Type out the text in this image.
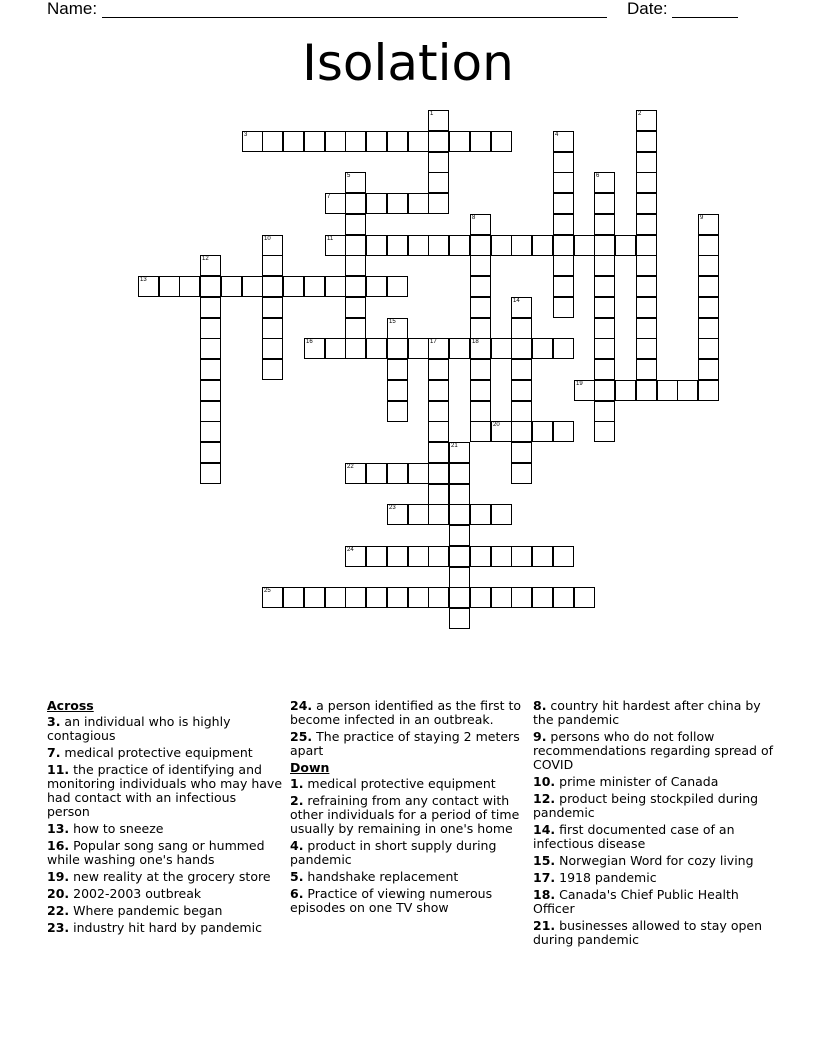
Name:	Date:
Isolation
1	2
3	4
5	6
7
8	9
10	11
12
13
14
15
16	17	18
19
20
21
22
23
24
25
Across
3. an individual who is highly contagious
7. medical protective equipment
11. the practice of identifying and monitoring individuals who may have had contact with an infectious person
13. how to sneeze
16. Popular song sang or hummed while washing one's hands
19. new reality at the grocery store
20. 2002-2003 outbreak
22. Where pandemic began
23. industry hit hard by pandemic
24. a person identified as the first to become infected in an outbreak.
25. The practice of staying 2 meters apart
Down
1. medical protective equipment
2. refraining from any contact with other individuals for a period of time usually by remaining in one's home
4. product in short supply during pandemic
5. handshake replacement
6. Practice of viewing numerous episodes on one TV show
8. country hit hardest after china by the pandemic
9. persons who do not follow recommendations regarding spread of COVID
10. prime minister of Canada
12. product being stockpiled during pandemic
14. first documented case of an infectious disease
15. Norwegian Word for cozy living
17. 1918 pandemic
18. Canada's Chief Public Health Officer
21. businesses allowed to stay open during pandemic
